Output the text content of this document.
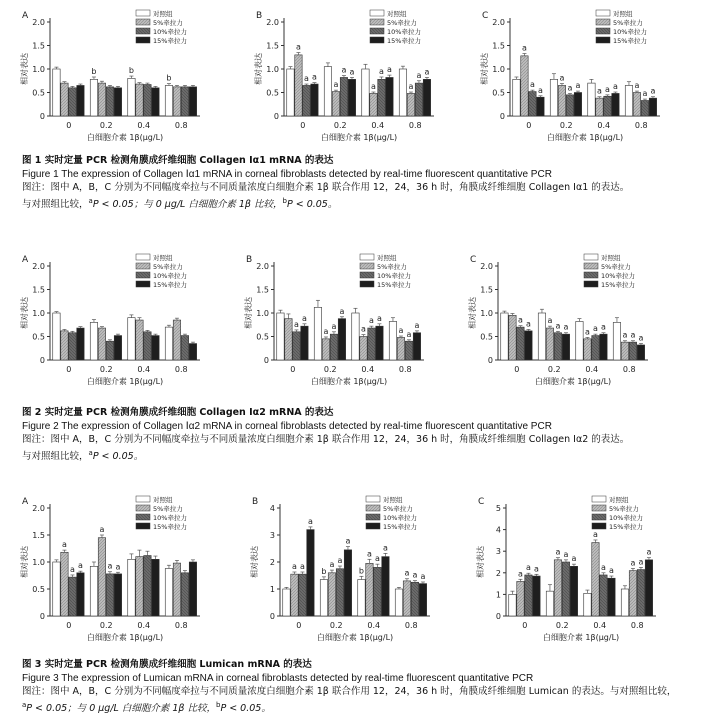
A
0
0.5
1.0
1.5
2.0
相对表达
0
b
0.2
b
0.4
b
0.8
白细胞介素 1β(μg/L)
对照组
5%牵拉力
10%牵拉力
15%牵拉力
B
0
0.5
1.0
1.5
2.0
相对表达
a
a a
0
a
a a
0.2
a
a a
0.4
a
a a
0.8
白细胞介素 1β(μg/L)
对照组
5%牵拉力
10%牵拉力
15%牵拉力
C
0
0.5
1.0
1.5
2.0
相对表达
a
a
a
0
a
a a
0.2
a a a
0.4
a
a a
0.8
白细胞介素 1β(μg/L)
对照组
5%牵拉力
10%牵拉力
15%牵拉力
图 1 实时定量 PCR 检测角膜成纤维细胞 Collagen Ⅰα1 mRNA 的表达
Figure 1 The expression of Collagen Ⅰα1 mRNA in corneal fibroblasts detected by real-time fluorescent quantitative PCR
图注：图中 A，B，C 分别为不同幅度牵拉与不同质量浓度白细胞介素 1β 联合作用 12，24，36 h 时，角膜成纤维细胞 Collagen Ⅰα1 的表达。
与对照组比较，$^a$P < 0.05；与 0 μg/L 白细胞介素 1β 比较，$^b$P < 0.05。
A
0
0.5
1.0
1.5
2.0
相对表达
0	0.2	0.4	0.8
白细胞介素 1β(μg/L)
对照组
5%牵拉力
10%牵拉力
15%牵拉力
B
0
0.5
1.0
1.5
2.0
相对表达	a
a
0
a
a
a
0.2
a
a a
0.4
a a
a
0.8
白细胞介素 1β(μg/L)
对照组
5%牵拉力
10%牵拉力
15%牵拉力
C
0
0.5
1.0
1.5
2.0
相对表达	a a
0
a
a a
0.2
a a a
0.4
a a a
0.8
白细胞介素 1β(μg/L)
对照组
5%牵拉力
10%牵拉力
15%牵拉力
图 2 实时定量 PCR 检测角膜成纤维细胞 Collagen Ⅰα2 mRNA 的表达
Figure 2 The expression of Collagen Ⅰα2 mRNA in corneal fibroblasts detected by real-time fluorescent quantitative PCR
图注：图中 A，B，C 分别为不同幅度牵拉与不同质量浓度白细胞介素 1β 联合作用 12，24，36 h 时，角膜成纤维细胞 Collagen Ⅰα2 的表达。
与对照组比较，$^a$P < 0.05。
A
0
0.5
1.0
1.5
2.0
相对表达
a
a a
0
a
a a
0.2	0.4	0.8
白细胞介素 1β(μg/L)
对照组
5%牵拉力
10%牵拉力
15%牵拉力
B
0
1
2
3
4
相对表达	a a
a
0
b
a a
a
0.2
b
a
a
a
0.4
a a a
0.8
白细胞介素 1β(μg/L)
对照组
5%牵拉力
10%牵拉力
15%牵拉力
C
0
1
2
3
4
5
相对表达	a
a a
0
a a a
0.2
a
a a
0.4
a a
a
0.8
白细胞介素 1β(μg/L)
对照组
5%牵拉力
10%牵拉力
15%牵拉力
图 3 实时定量 PCR 检测角膜成纤维细胞 Lumican mRNA 的表达
Figure 3 The expression of Lumican mRNA in corneal fibroblasts detected by real-time fluorescent quantitative PCR
图注：图中 A，B，C 分别为不同幅度牵拉与不同质量浓度白细胞介素 1β 联合作用 12，24，36 h 时，角膜成纤维细胞 Lumican 的表达。与对照组比较，
$^a$P < 0.05；与 0 μg/L 白细胞介素 1β 比较，$^b$P < 0.05。
